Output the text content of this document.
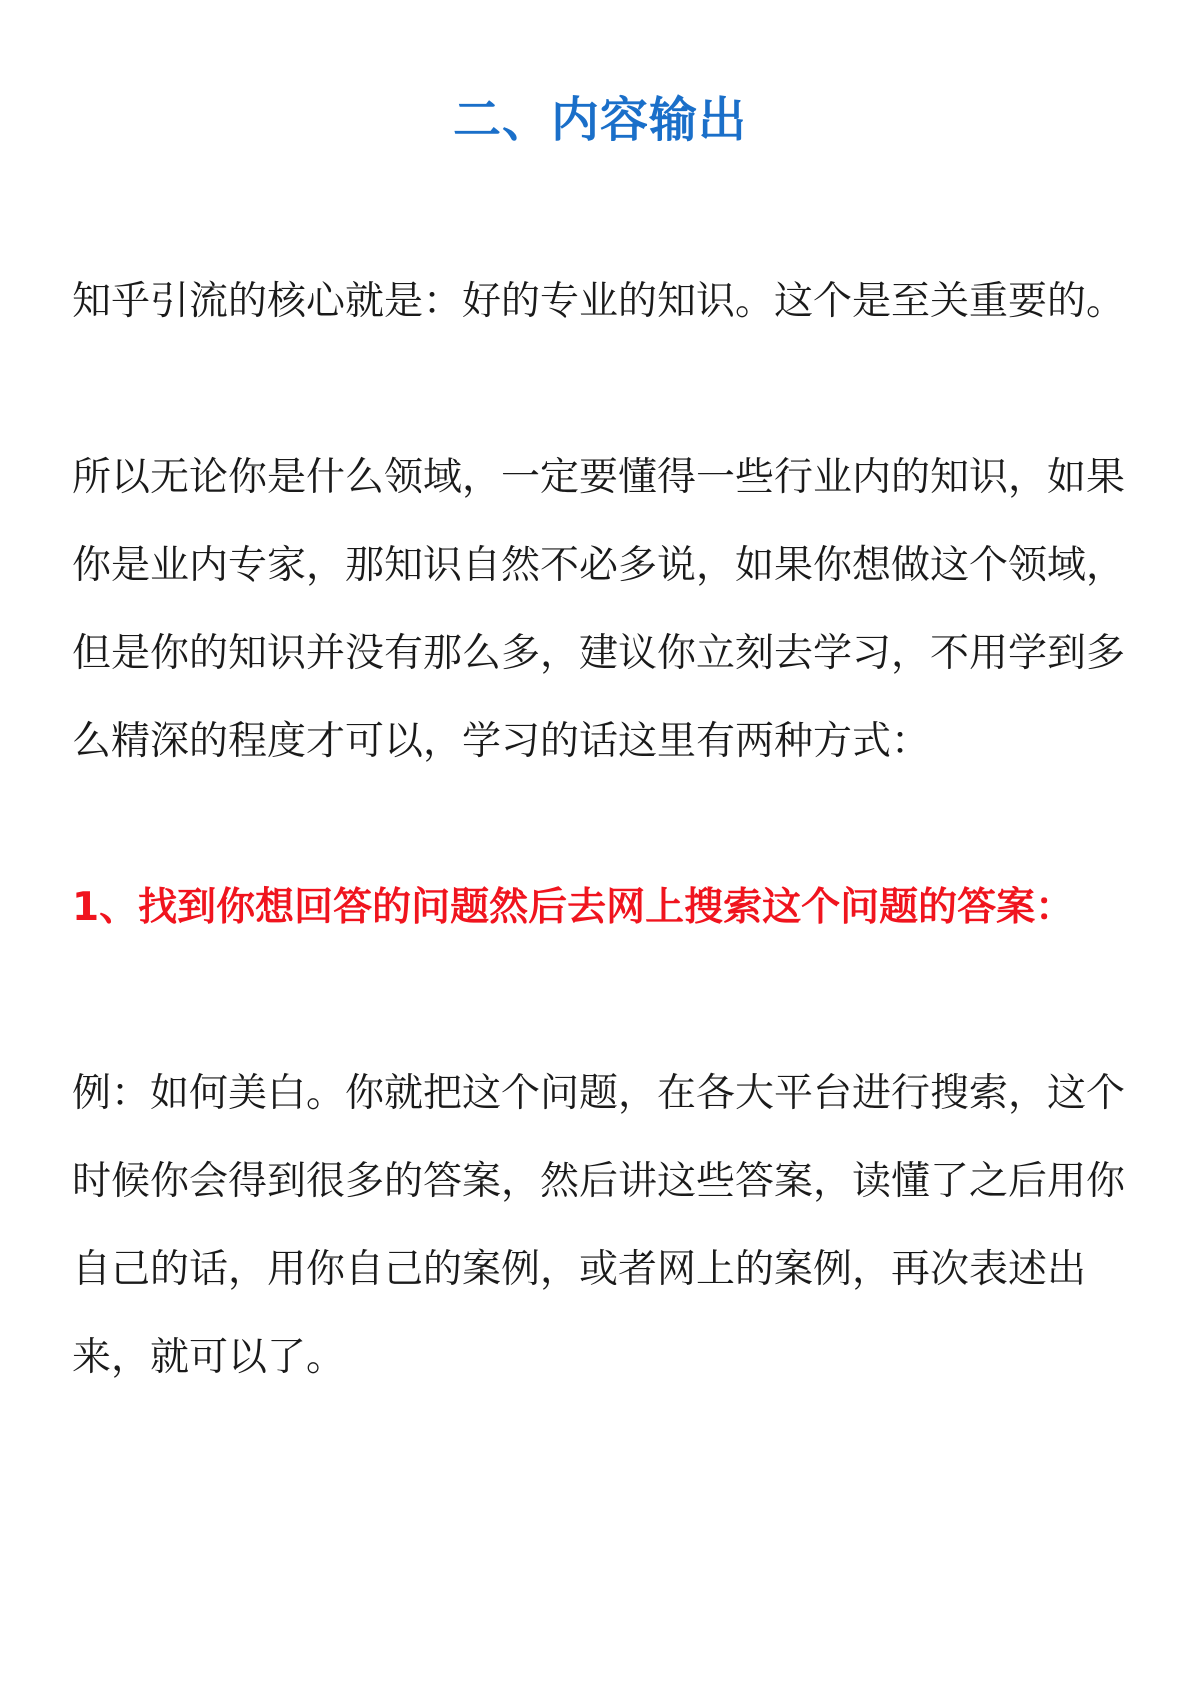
二、内容输出

知乎引流的核心就是：好的专业的知识。这个是至关重要的。

所以无论你是什么领域，一定要懂得一些行业内的知识，如果你是业内专家，那知识自然不必多说，如果你想做这个领域，但是你的知识并没有那么多，建议你立刻去学习，不用学到多么精深的程度才可以，学习的话这里有两种方式：

1、找到你想回答的问题然后去网上搜索这个问题的答案：

例：如何美白。你就把这个问题，在各大平台进行搜索，这个时候你会得到很多的答案，然后讲这些答案，读懂了之后用你自己的话，用你自己的案例，或者网上的案例，再次表述出来，就可以了。
